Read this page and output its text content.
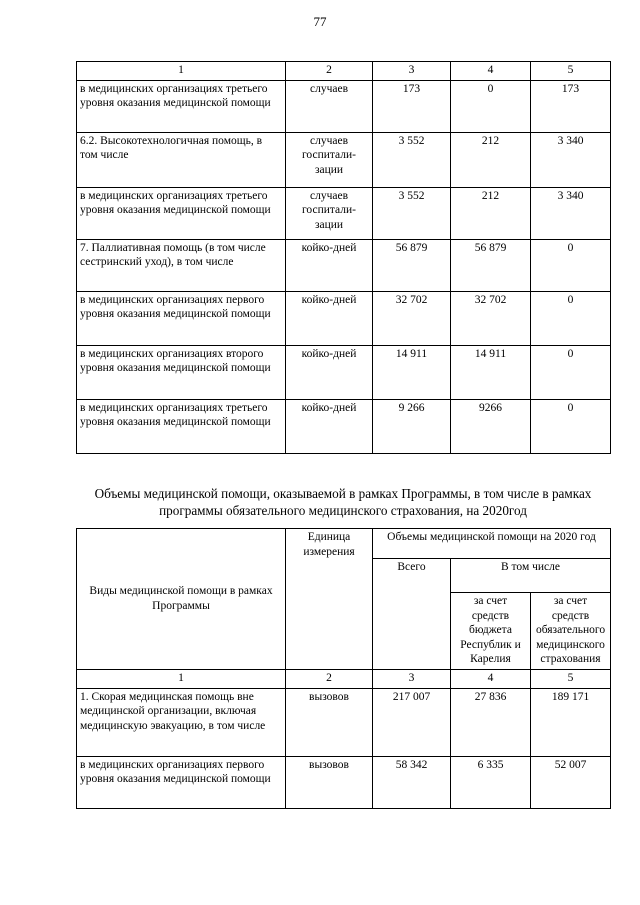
77
1	2	3	4	5
в медицинских организациях третьего уровня оказания медицинской помощи	случаев	173	0	173
6.2. Высокотехнологичная помощь, в том числе	случаев госпитали-зации	3 552	212	3 340
в медицинских организациях третьего уровня оказания медицинской помощи	случаев госпитали-зации	3 552	212	3 340
7. Паллиативная помощь (в том числе сестринский уход), в том числе	койко-дней	56 879	56 879	0
в медицинских организациях первого уровня оказания медицинской помощи	койко-дней	32 702	32 702	0
в медицинских организациях второго уровня оказания медицинской помощи	койко-дней	14 911	14 911	0
в медицинских организациях третьего уровня оказания медицинской помощи	койко-дней	9 266	9266	0
Объемы медицинской помощи, оказываемой в рамках Программы, в том числе в рамках программы обязательного медицинского страхования, на 2020год
Виды медицинской помощи в рамках Программы	Единица измерения	Объемы медицинской помощи на 2020 год		
		Всего	В том числе	
			за счет средств бюджета Республик и Карелия	за счет средств обязательного медицинского страхования
1	2	3	4	5
1. Скорая медицинская помощь вне медицинской организации, включая медицинскую эвакуацию, в том числе	вызовов	217 007	27 836	189 171
в медицинских организациях первого уровня оказания медицинской помощи	вызовов	58 342	6 335	52 007
